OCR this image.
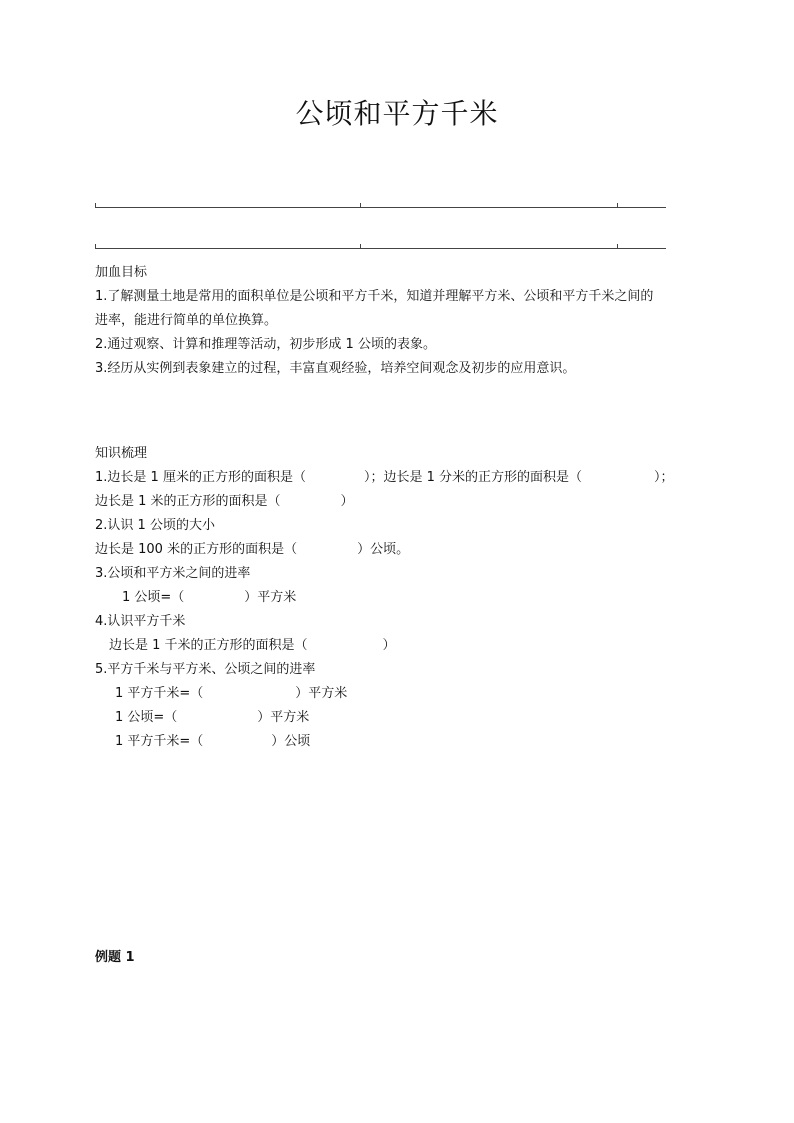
公顷和平方千米
加血目标
1.了解测量土地是常用的面积单位是公顷和平方千米，知道并理解平方米、公顷和平方千米之间的
进率，能进行简单的单位换算。
2.通过观察、计算和推理等活动，初步形成 1 公顷的表象。
3.经历从实例到表象建立的过程，丰富直观经验，培养空间观念及初步的应用意识。
知识梳理
1.边长是 1 厘米的正方形的面积是（	）；边长是 1 分米的正方形的面积是（	）；
边长是 1 米的正方形的面积是（	）
2.认识 1 公顷的大小
边长是 100 米的正方形的面积是（	）公顷。
3.公顷和平方米之间的进率
1 公顷=（	）平方米
4.认识平方千米
边长是 1 千米的正方形的面积是（	）
5.平方千米与平方米、公顷之间的进率
1 平方千米=（	）平方米
1 公顷=（	）平方米
1 平方千米=（	）公顷
例题 1
